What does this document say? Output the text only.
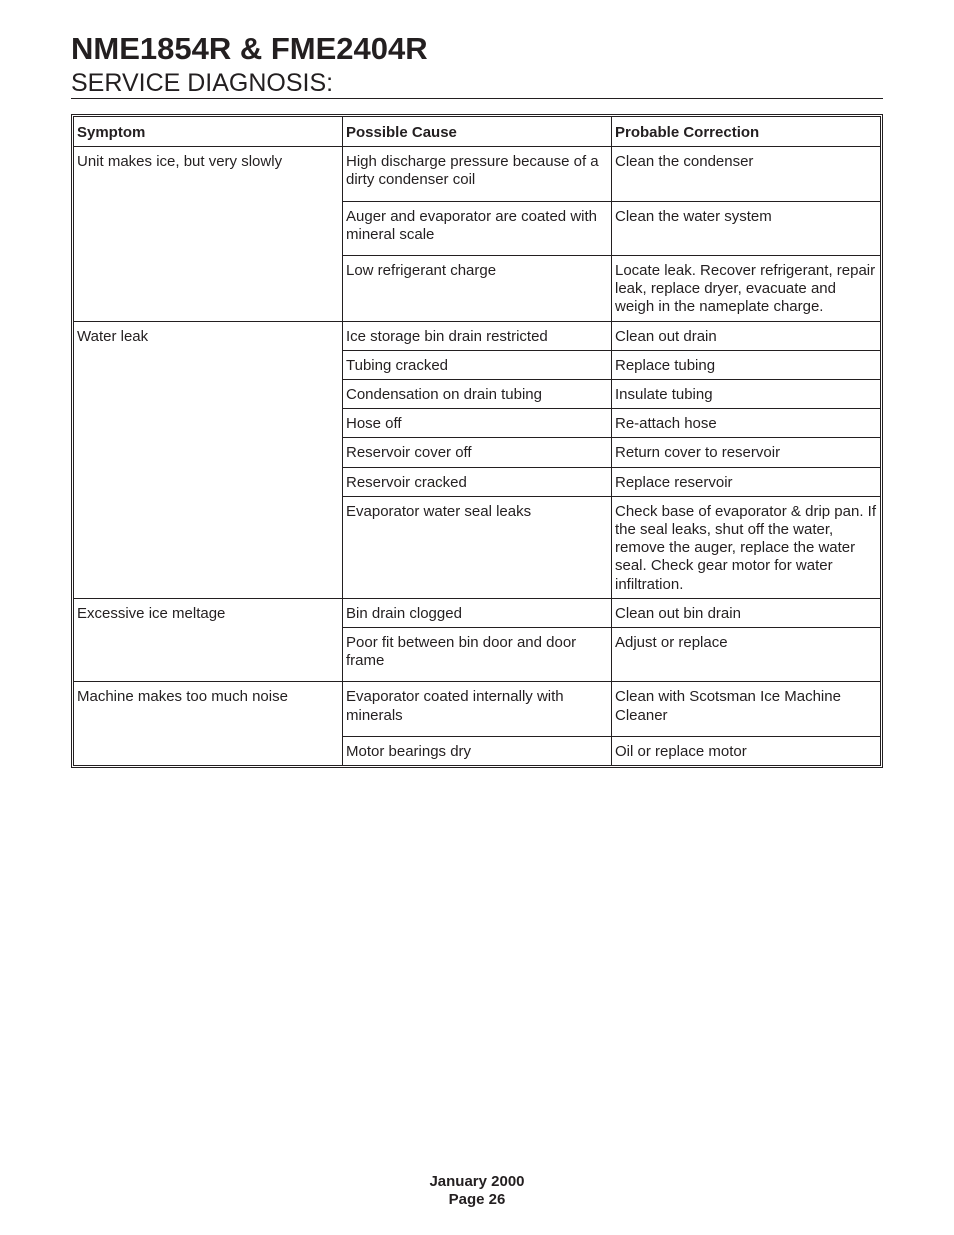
NME1854R & FME2404R
SERVICE DIAGNOSIS:
Symptom	Possible Cause	Probable Correction
Unit makes ice, but very slowly	High discharge pressure because of a dirty condenser coil	Clean the condenser
	Auger and evaporator are coated with mineral scale	Clean the water system
	Low refrigerant charge	Locate leak. Recover refrigerant, repair leak, replace dryer, evacuate and weigh in the nameplate charge.
Water leak	Ice storage bin drain restricted	Clean out drain
	Tubing cracked	Replace tubing
	Condensation on drain tubing	Insulate tubing
	Hose off	Re-attach hose
	Reservoir cover off	Return cover to reservoir
	Reservoir cracked	Replace reservoir
	Evaporator water seal leaks	Check base of evaporator & drip pan. If the seal leaks, shut off the water, remove the auger, replace the water seal. Check gear motor for water infiltration.
Excessive ice meltage	Bin drain clogged	Clean out bin drain
	Poor fit between bin door and door frame	Adjust or replace
Machine makes too much noise	Evaporator coated internally with minerals	Clean with Scotsman Ice Machine Cleaner
	Motor bearings dry	Oil or replace motor
January 2000
Page 26
